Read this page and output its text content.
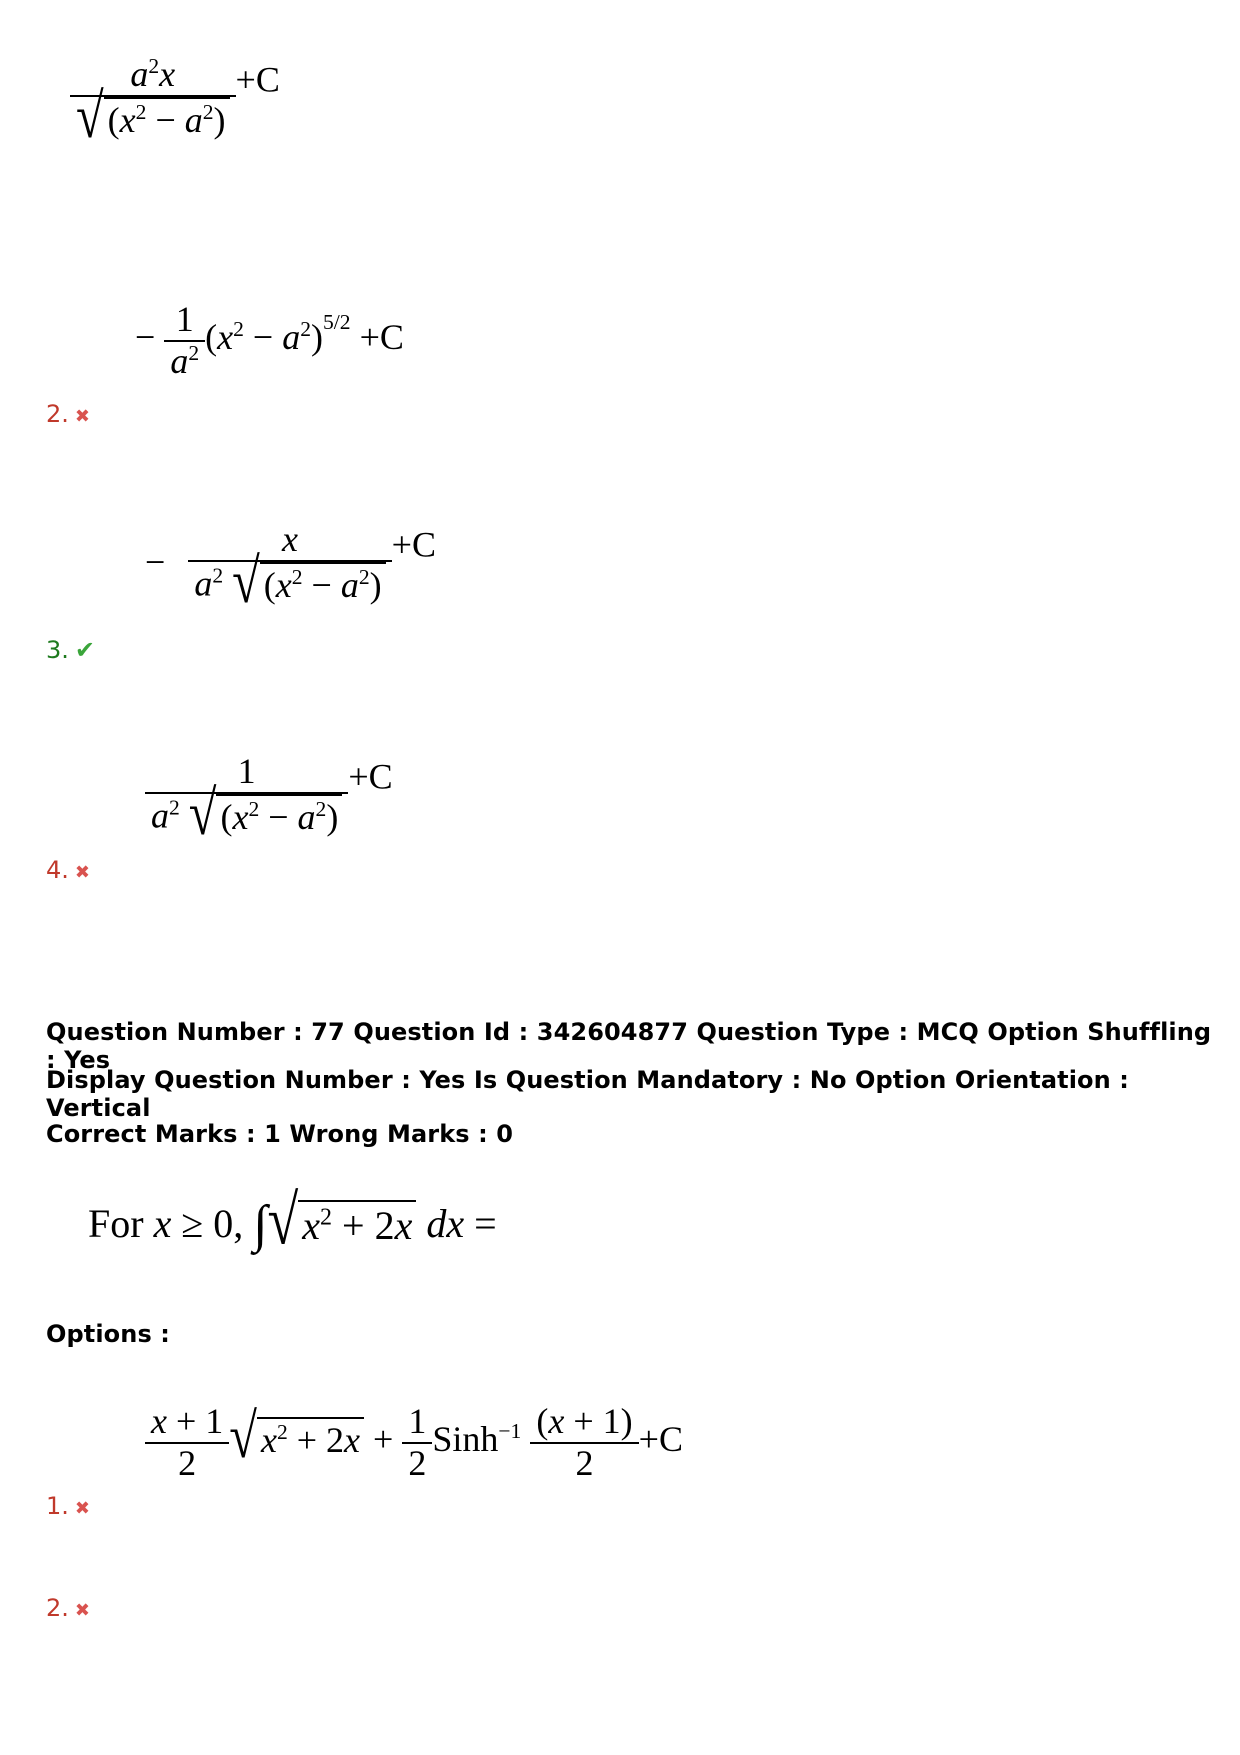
$\frac{a^2x}{√ (x^2 - a^2)} +C$
− $\frac{1}{a^2} (x^2 - a^2)^{5/2} +C$
2. ✖
− $\frac{x}{a^2 √ (x^2 - a^2)} +C$
3. ✔
$\frac{1}{a^2 √ (x^2 - a^2)} +C$
4. ✖
Question Number : 77 Question Id : 342604877 Question Type : MCQ Option Shuffling : Yes
Display Question Number : Yes Is Question Mandatory : No Option Orientation : Vertical
Correct Marks : 1 Wrong Marks : 0
For x ≥ 0, ∫ √ $x^2 + 2x$ dx =
Options :
$\frac{x + 1}{2}$ √ $x^2 + 2x + \frac{1}{2}$ Sinh$^{-1}$ $\frac{(x + 1)}{2} +C$
1. ✖
2. ✖
